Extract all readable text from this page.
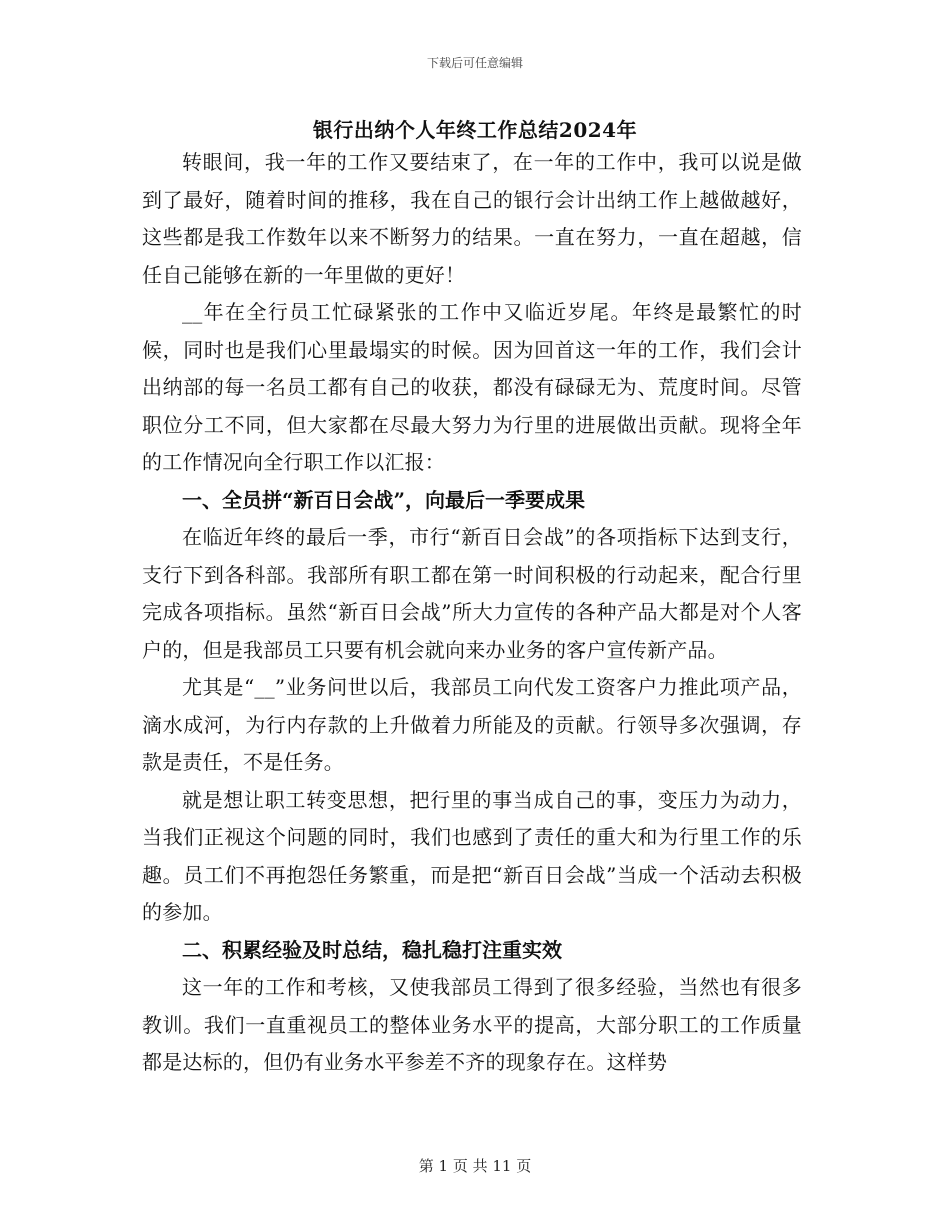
下载后可任意编辑
银行出纳个人年终工作总结2024年

转眼间，我一年的工作又要结束了，在一年的工作中，我可以说是做到了最好，随着时间的推移，我在自己的银行会计出纳工作上越做越好，这些都是我工作数年以来不断努力的结果。一直在努力，一直在超越，信任自己能够在新的一年里做的更好！

__年在全行员工忙碌紧张的工作中又临近岁尾。年终是最繁忙的时候，同时也是我们心里最塌实的时候。因为回首这一年的工作，我们会计出纳部的每一名员工都有自己的收获，都没有碌碌无为、荒度时间。尽管职位分工不同，但大家都在尽最大努力为行里的进展做出贡献。现将全年的工作情况向全行职工作以汇报：

一、全员拼“新百日会战”，向最后一季要成果

在临近年终的最后一季，市行“新百日会战”的各项指标下达到支行，支行下到各科部。我部所有职工都在第一时间积极的行动起来，配合行里完成各项指标。虽然“新百日会战”所大力宣传的各种产品大都是对个人客户的，但是我部员工只要有机会就向来办业务的客户宣传新产品。

尤其是“__”业务问世以后，我部员工向代发工资客户力推此项产品，滴水成河，为行内存款的上升做着力所能及的贡献。行领导多次强调，存款是责任，不是任务。

就是想让职工转变思想，把行里的事当成自己的事，变压力为动力，当我们正视这个问题的同时，我们也感到了责任的重大和为行里工作的乐趣。员工们不再抱怨任务繁重，而是把“新百日会战”当成一个活动去积极的参加。

二、积累经验及时总结，稳扎稳打注重实效

这一年的工作和考核，又使我部员工得到了很多经验，当然也有很多教训。我们一直重视员工的整体业务水平的提高，大部分职工的工作质量都是达标的，但仍有业务水平参差不齐的现象存在。这样势

第 1 页 共 11 页
